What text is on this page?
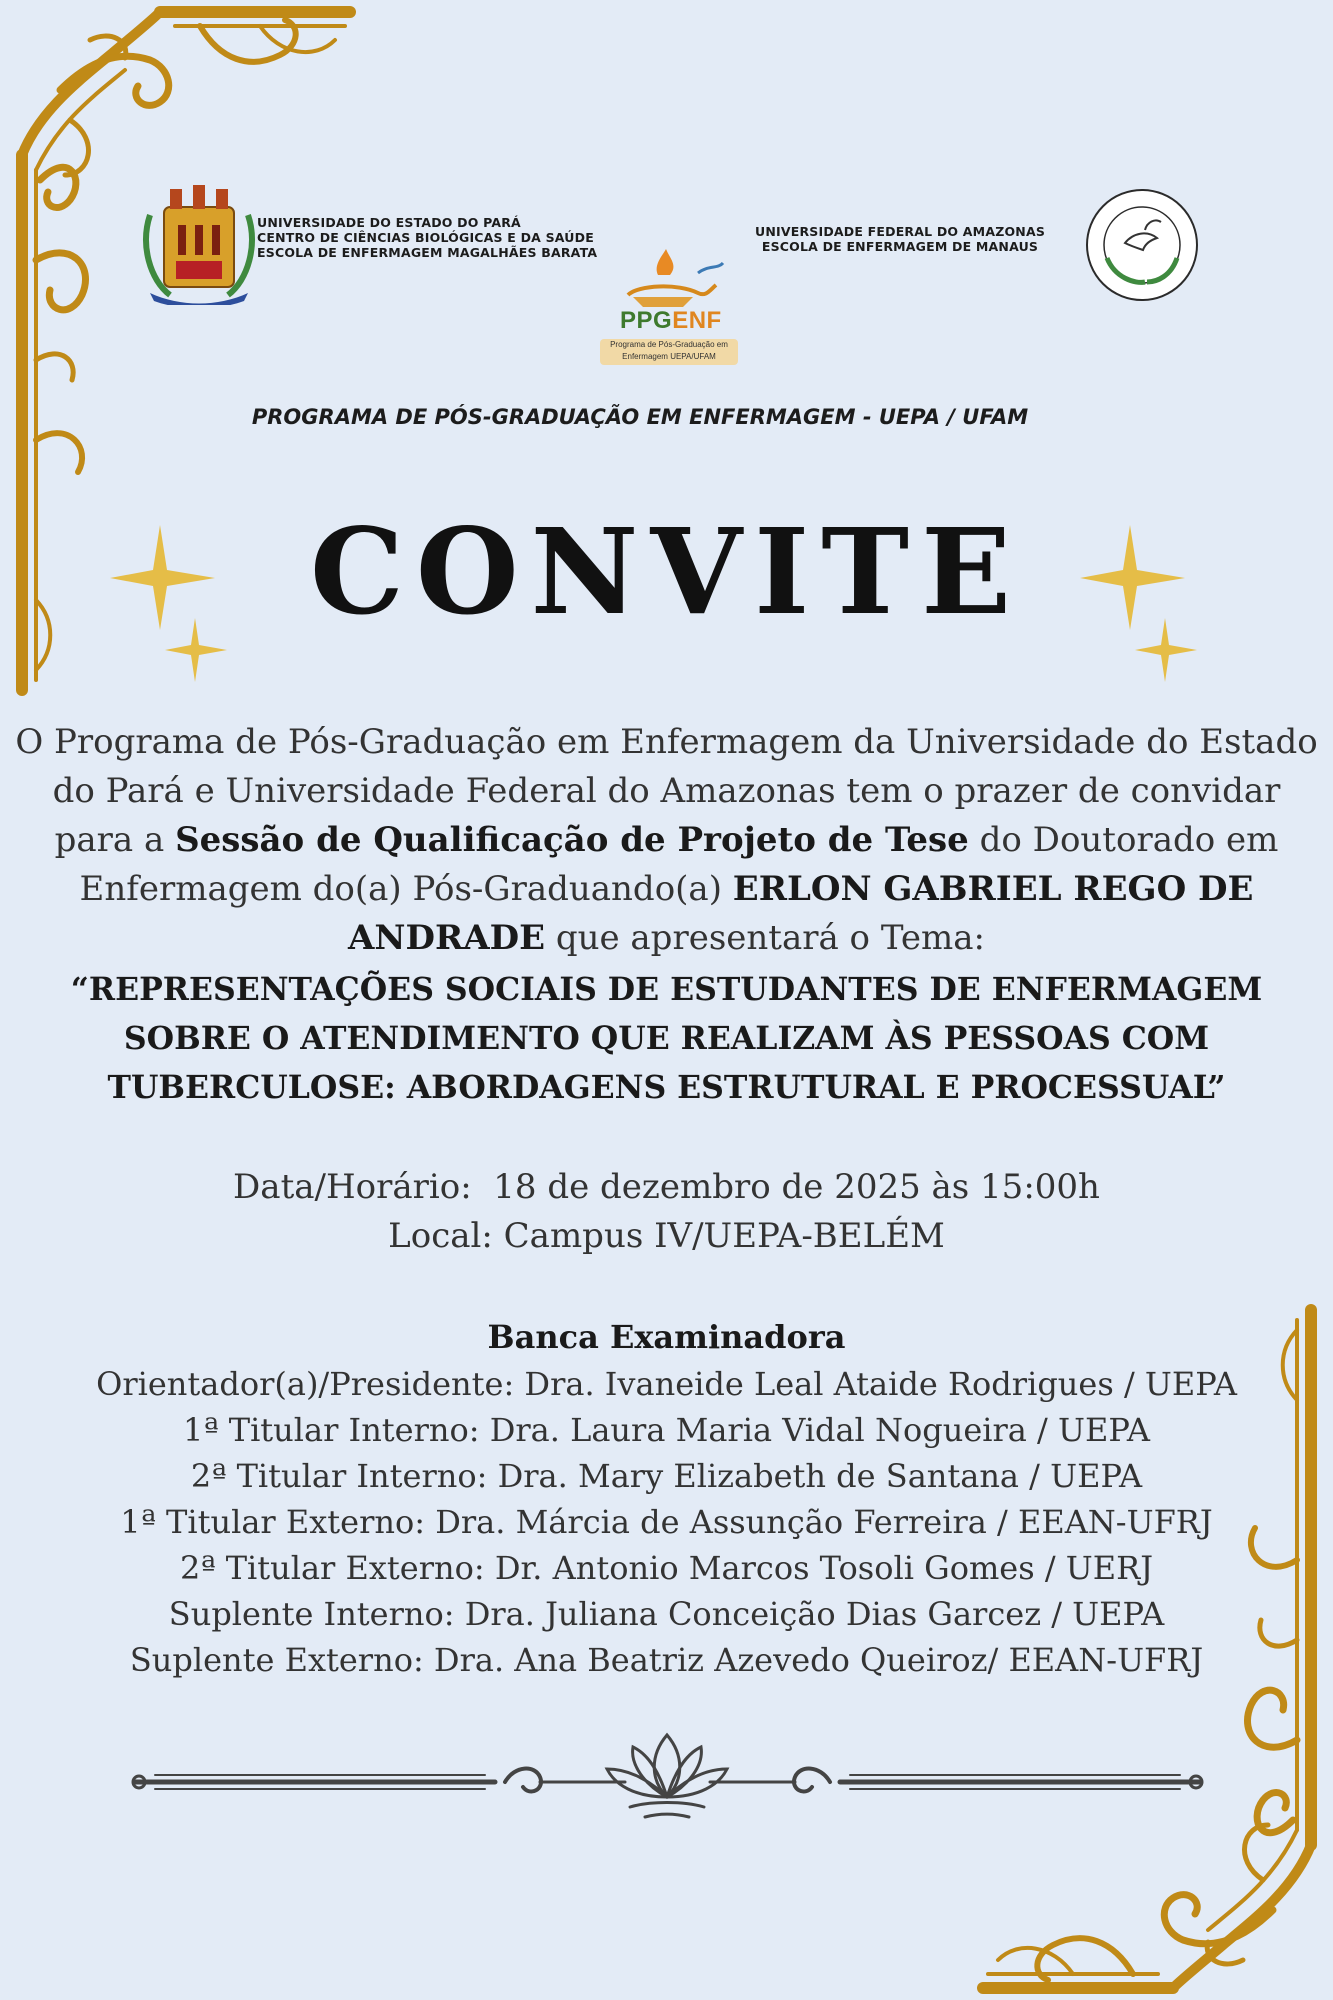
UNIVERSIDADE DO ESTADO DO PARÁ
CENTRO DE CIÊNCIAS BIOLÓGICAS E DA SAÚDE
ESCOLA DE ENFERMAGEM MAGALHÃES BARATA
PPGENF
Programa de Pós-Graduação em
Enfermagem UEPA/UFAM
UNIVERSIDADE FEDERAL DO AMAZONAS
ESCOLA DE ENFERMAGEM DE MANAUS
PROGRAMA DE PÓS-GRADUAÇÃO EM ENFERMAGEM - UEPA / UFAM
CONVITE
O Programa de Pós-Graduação em Enfermagem da Universidade do Estado do Pará e Universidade Federal do Amazonas tem o prazer de convidar para a Sessão de Qualificação de Projeto de Tese do Doutorado em Enfermagem do(a) Pós-Graduando(a) ERLON GABRIEL REGO DE ANDRADE que apresentará o Tema:
“REPRESENTAÇÕES SOCIAIS DE ESTUDANTES DE ENFERMAGEM SOBRE O ATENDIMENTO QUE REALIZAM ÀS PESSOAS COM TUBERCULOSE: ABORDAGENS ESTRUTURAL E PROCESSUAL”
Data/Horário:  18 de dezembro de 2025 às 15:00h
Local: Campus IV/UEPA-BELÉM
Banca Examinadora
Orientador(a)/Presidente: Dra. Ivaneide Leal Ataide Rodrigues / UEPA
1ª Titular Interno: Dra. Laura Maria Vidal Nogueira / UEPA
2ª Titular Interno: Dra. Mary Elizabeth de Santana / UEPA
1ª Titular Externo: Dra. Márcia de Assunção Ferreira / EEAN-UFRJ
2ª Titular Externo: Dr. Antonio Marcos Tosoli Gomes / UERJ
Suplente Interno: Dra. Juliana Conceição Dias Garcez / UEPA
Suplente Externo: Dra. Ana Beatriz Azevedo Queiroz/ EEAN-UFRJ
